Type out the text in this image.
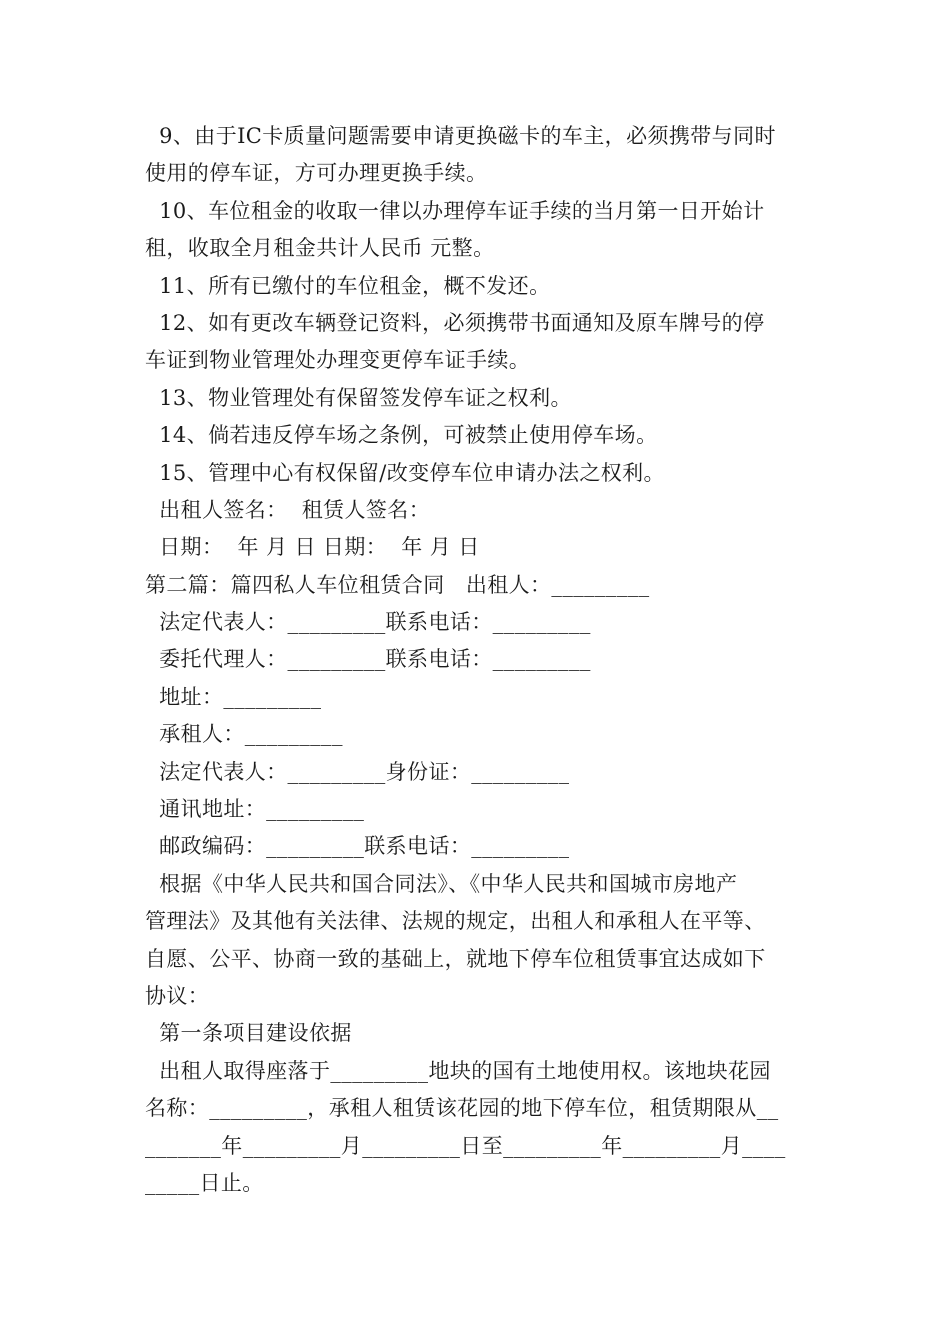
9、由于IC卡质量问题需要申请更换磁卡的车主，必须携带与同时
使用的停车证，方可办理更换手续。
10、车位租金的收取一律以办理停车证手续的当月第一日开始计
租，收取全月租金共计人民币 元整。
11、所有已缴付的车位租金，概不发还。
12、如有更改车辆登记资料，必须携带书面通知及原车牌号的停
车证到物业管理处办理变更停车证手续。
13、物业管理处有保留签发停车证之权利。
14、倘若违反停车场之条例，可被禁止使用停车场。
15、管理中心有权保留/改变停车位申请办法之权利。
出租人签名：  租赁人签名：
日期：  年 月 日 日期：  年 月 日
第二篇：篇四私人车位租赁合同   出租人：_________
法定代表人：_________联系电话：_________
委托代理人：_________联系电话：_________
地址：_________
承租人：_________
法定代表人：_________身份证：_________
通讯地址：_________
邮政编码：_________联系电话：_________
根据《中华人民共和国合同法》、《中华人民共和国城市房地产
管理法》及其他有关法律、法规的规定，出租人和承租人在平等、
自愿、公平、协商一致的基础上，就地下停车位租赁事宜达成如下
协议：
第一条项目建设依据
出租人取得座落于_________地块的国有土地使用权。该地块花园
名称：_________，承租人租赁该花园的地下停车位，租赁期限从__
_______年_________月_________日至_________年_________月____
_____日止。
